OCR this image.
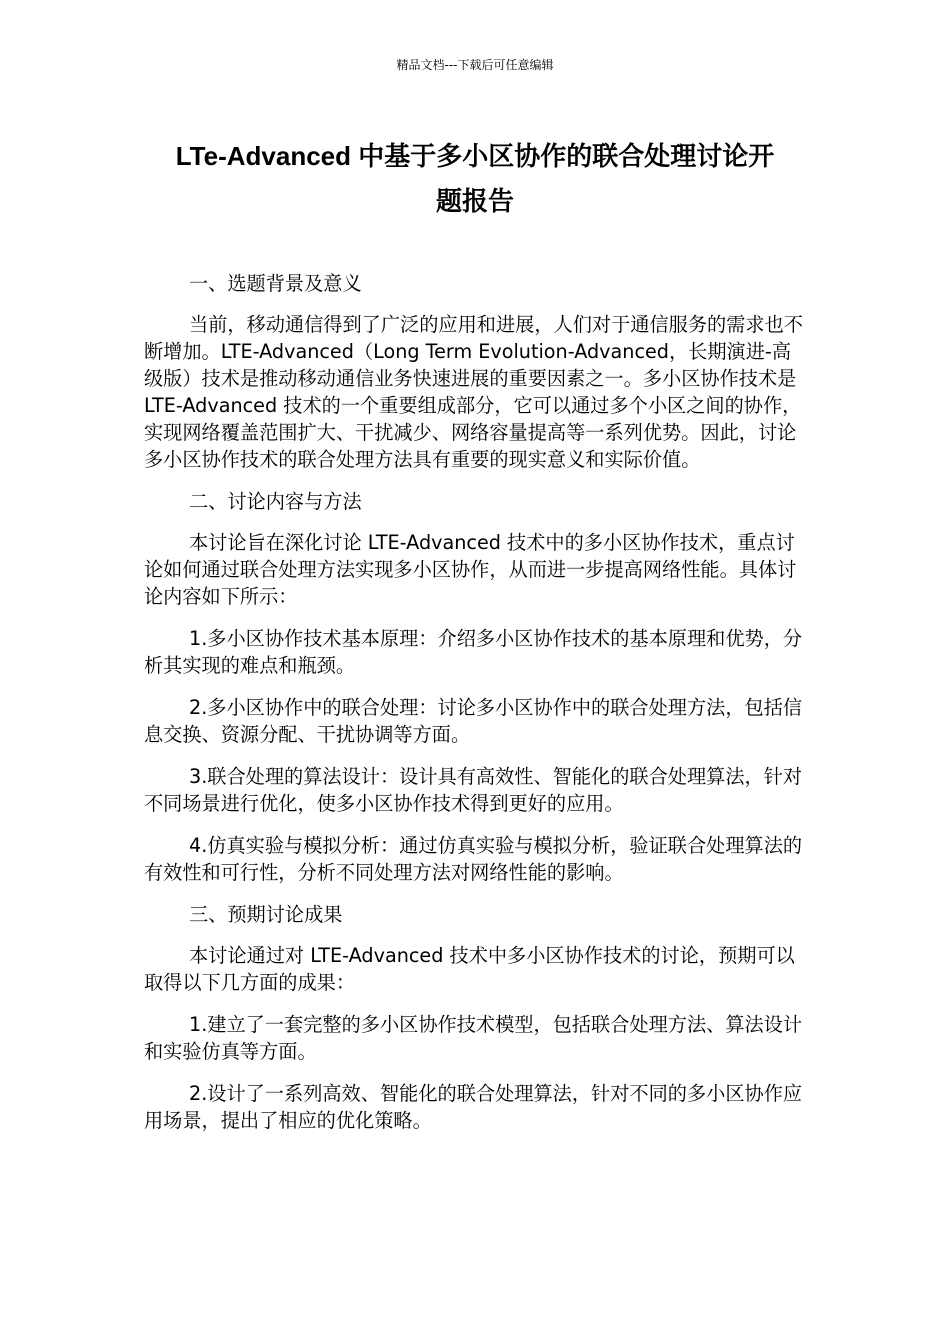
精品文档---下载后可任意编辑
LTe-Advanced 中基于多小区协作的联合处理讨论开
题报告

一、选题背景及意义

当前，移动通信得到了广泛的应用和进展，人们对于通信服务的需求也不断增加。LTE-Advanced（Long Term Evolution-Advanced，长期演进-高级版）技术是推动移动通信业务快速进展的重要因素之一。多小区协作技术是 LTE-Advanced 技术的一个重要组成部分，它可以通过多个小区之间的协作，实现网络覆盖范围扩大、干扰减少、网络容量提高等一系列优势。因此，讨论多小区协作技术的联合处理方法具有重要的现实意义和实际价值。

二、讨论内容与方法

本讨论旨在深化讨论 LTE-Advanced 技术中的多小区协作技术，重点讨论如何通过联合处理方法实现多小区协作，从而进一步提高网络性能。具体讨论内容如下所示：

1.多小区协作技术基本原理：介绍多小区协作技术的基本原理和优势，分析其实现的难点和瓶颈。

2.多小区协作中的联合处理：讨论多小区协作中的联合处理方法，包括信息交换、资源分配、干扰协调等方面。

3.联合处理的算法设计：设计具有高效性、智能化的联合处理算法，针对不同场景进行优化，使多小区协作技术得到更好的应用。

4.仿真实验与模拟分析：通过仿真实验与模拟分析，验证联合处理算法的有效性和可行性，分析不同处理方法对网络性能的影响。

三、预期讨论成果

本讨论通过对 LTE-Advanced 技术中多小区协作技术的讨论，预期可以取得以下几方面的成果：

1.建立了一套完整的多小区协作技术模型，包括联合处理方法、算法设计和实验仿真等方面。

2.设计了一系列高效、智能化的联合处理算法，针对不同的多小区协作应用场景，提出了相应的优化策略。
